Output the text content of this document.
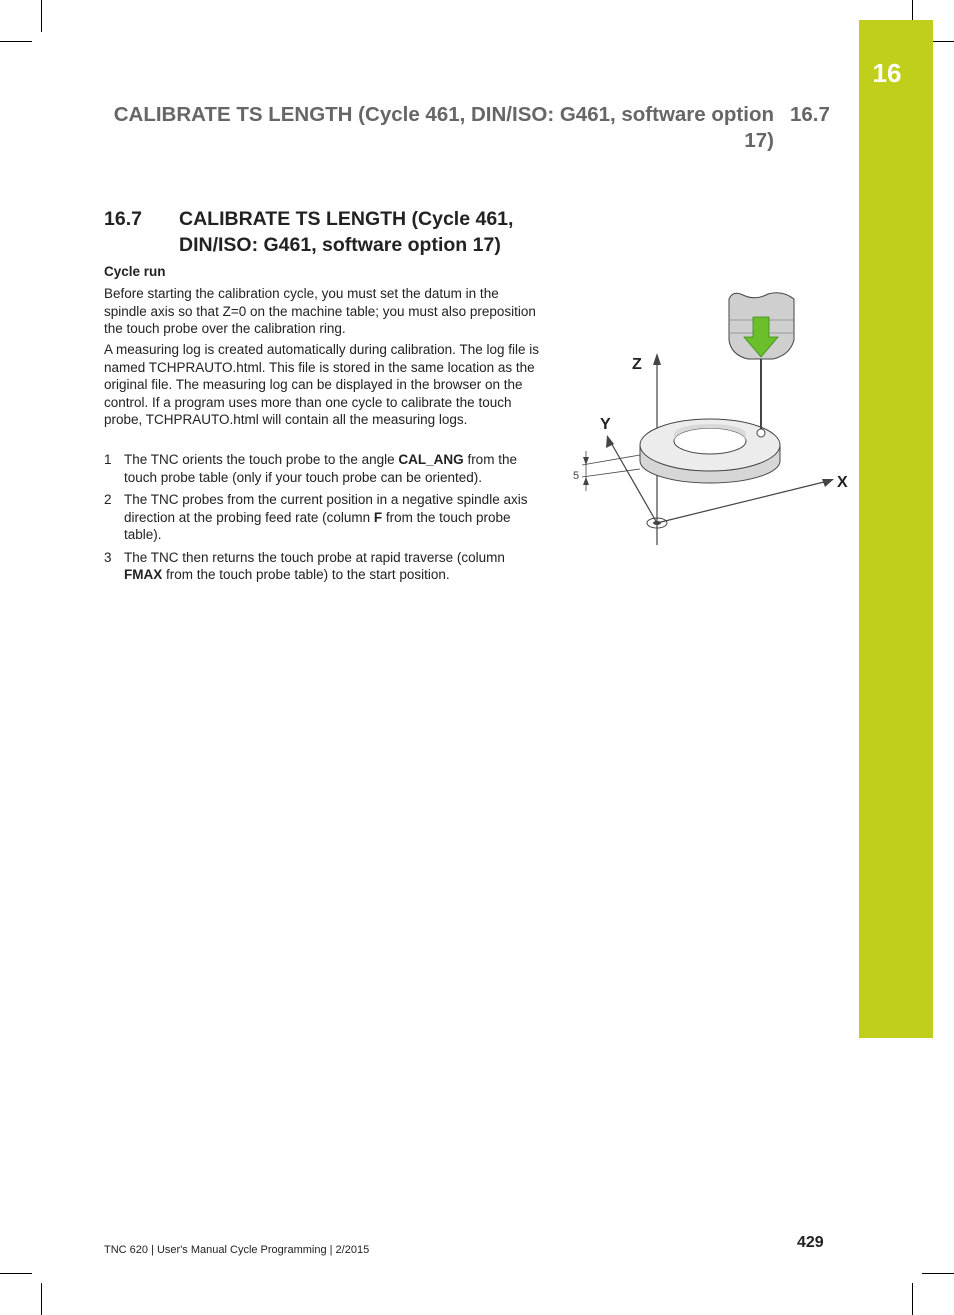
16
CALIBRATE TS LENGTH (Cycle 461, DIN/ISO: G461, software option
17)
16.7
16.7 CALIBRATE TS LENGTH (Cycle 461,
DIN/ISO: G461, software option 17)
Cycle run

Before starting the calibration cycle, you must set the datum in the spindle axis so that Z=0 on the machine table; you must also preposition the touch probe over the calibration ring.

A measuring log is created automatically during calibration. The log file is named TCHPRAUTO.html. This file is stored in the same location as the original file. The measuring log can be displayed in the browser on the control. If a program uses more than one cycle to calibrate the touch probe, TCHPRAUTO.html will contain all the measuring logs.

1 The TNC orients the touch probe to the angle CAL_ANG from the touch probe table (only if your touch probe can be oriented).
2 The TNC probes from the current position in a negative spindle axis direction at the probing feed rate (column F from the touch probe table).
3 The TNC then returns the touch probe at rapid traverse (column FMAX from the touch probe table) to the start position.
5
Z
Y
X
TNC 620 | User's Manual Cycle Programming | 2/2015	429
